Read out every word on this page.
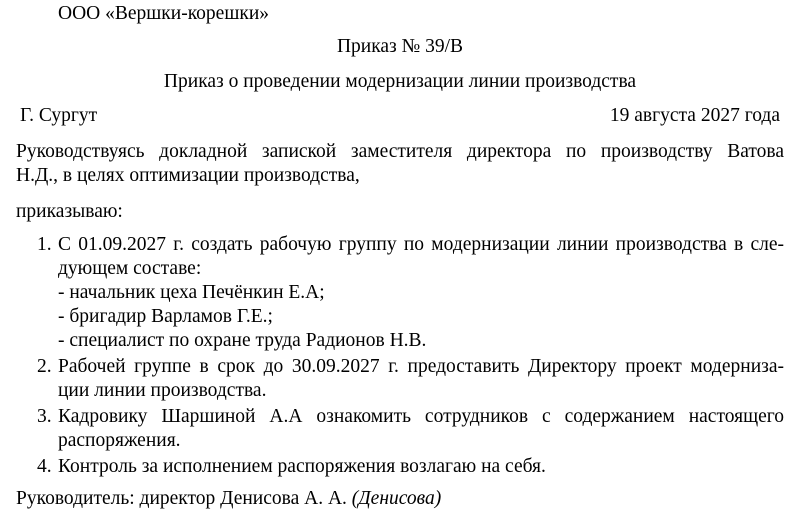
ООО «Вершки-корешки»
Приказ № 39/В
Приказ о проведении модернизации линии производства
Г. Сургут	19 августа 2027 года
Руководствуясь докладной запиской заместителя директора по производству Ватова
Н.Д., в целях оптимизации производства,
приказываю:
1. С 01.09.2027 г. создать рабочую группу по модернизации линии производства в сле-
дующем составе:
- начальник цеха Печёнкин Е.А;
- бригадир Варламов Г.Е.;
- специалист по охране труда Радионов Н.В.
2. Рабочей группе в срок до 30.09.2027 г. предоставить Директору проект модерниза-
ции линии производства.
3. Кадровику Шаршиной А.А ознакомить сотрудников с содержанием настоящего
распоряжения.
4. Контроль за исполнением распоряжения возлагаю на себя.
Руководитель: директор Денисова А. А. (Денисова)
